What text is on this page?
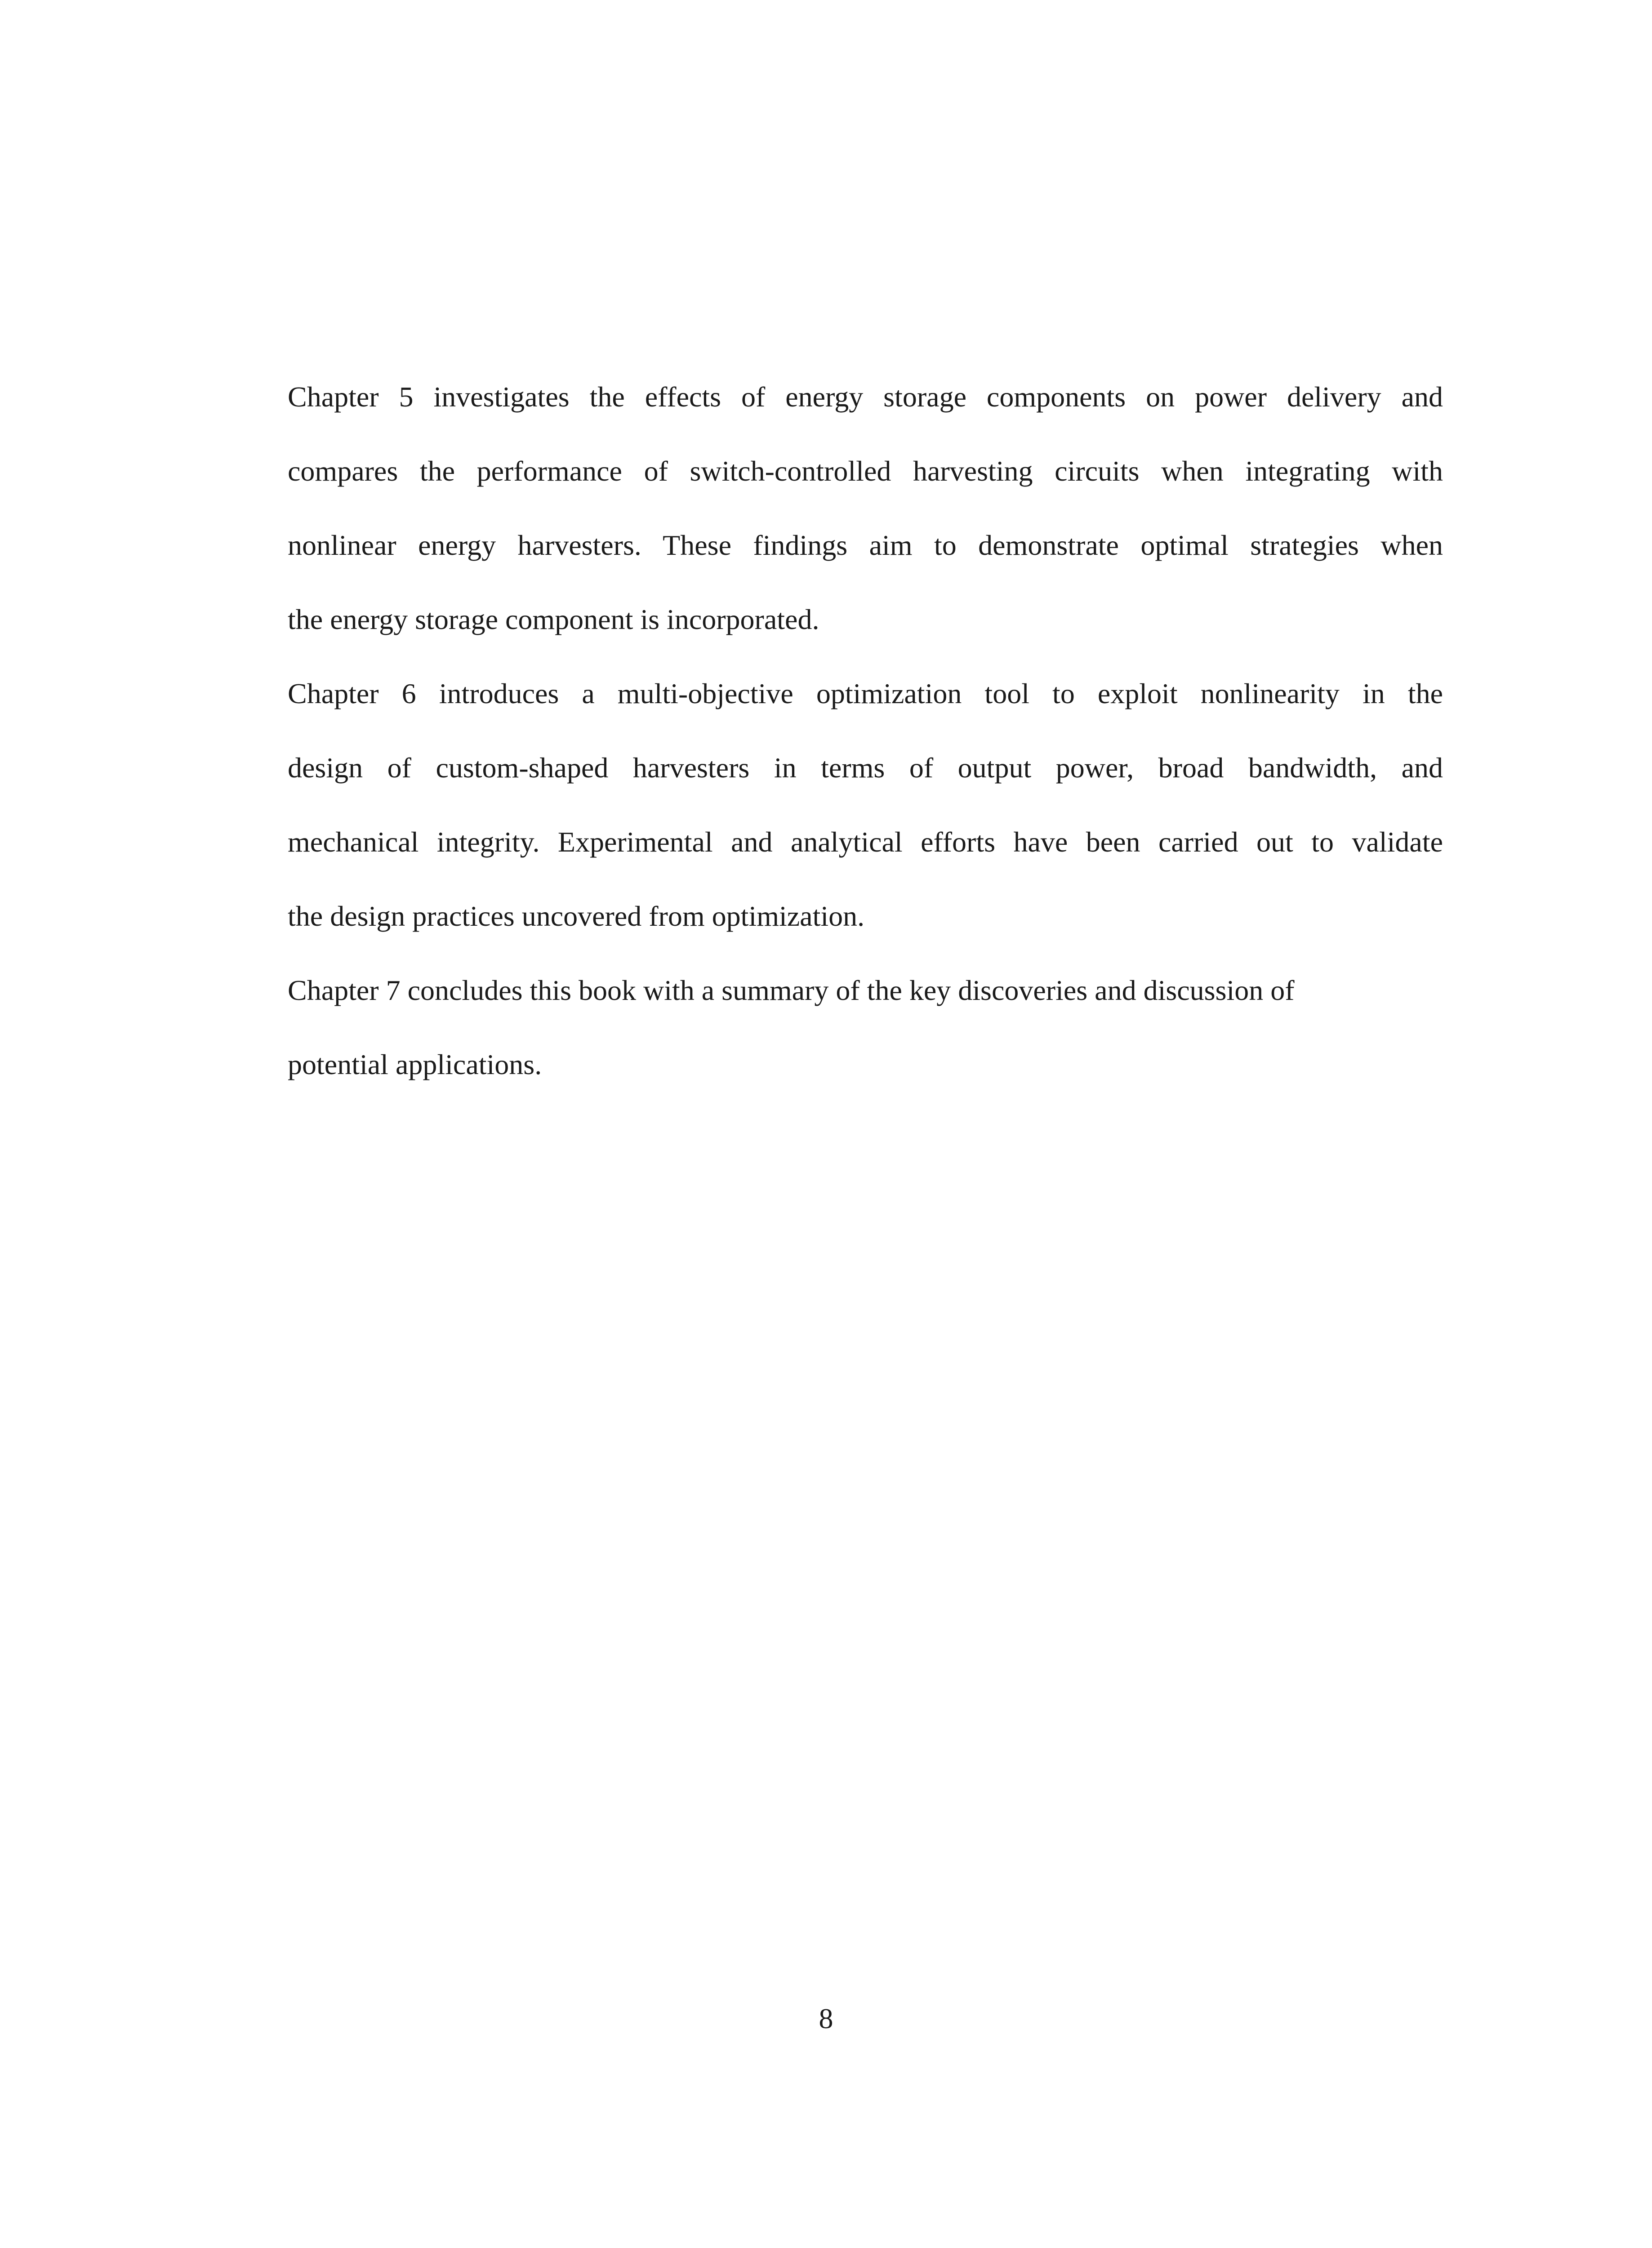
Chapter 5 investigates the effects of energy storage components on power delivery and
compares the performance of switch-controlled harvesting circuits when integrating with
nonlinear energy harvesters. These findings aim to demonstrate optimal strategies when
the energy storage component is incorporated.
Chapter 6 introduces a multi-objective optimization tool to exploit nonlinearity in the
design of custom-shaped harvesters in terms of output power, broad bandwidth, and
mechanical integrity. Experimental and analytical efforts have been carried out to validate
the design practices uncovered from optimization.
Chapter 7 concludes this book with a summary of the key discoveries and discussion of
potential applications.
8
